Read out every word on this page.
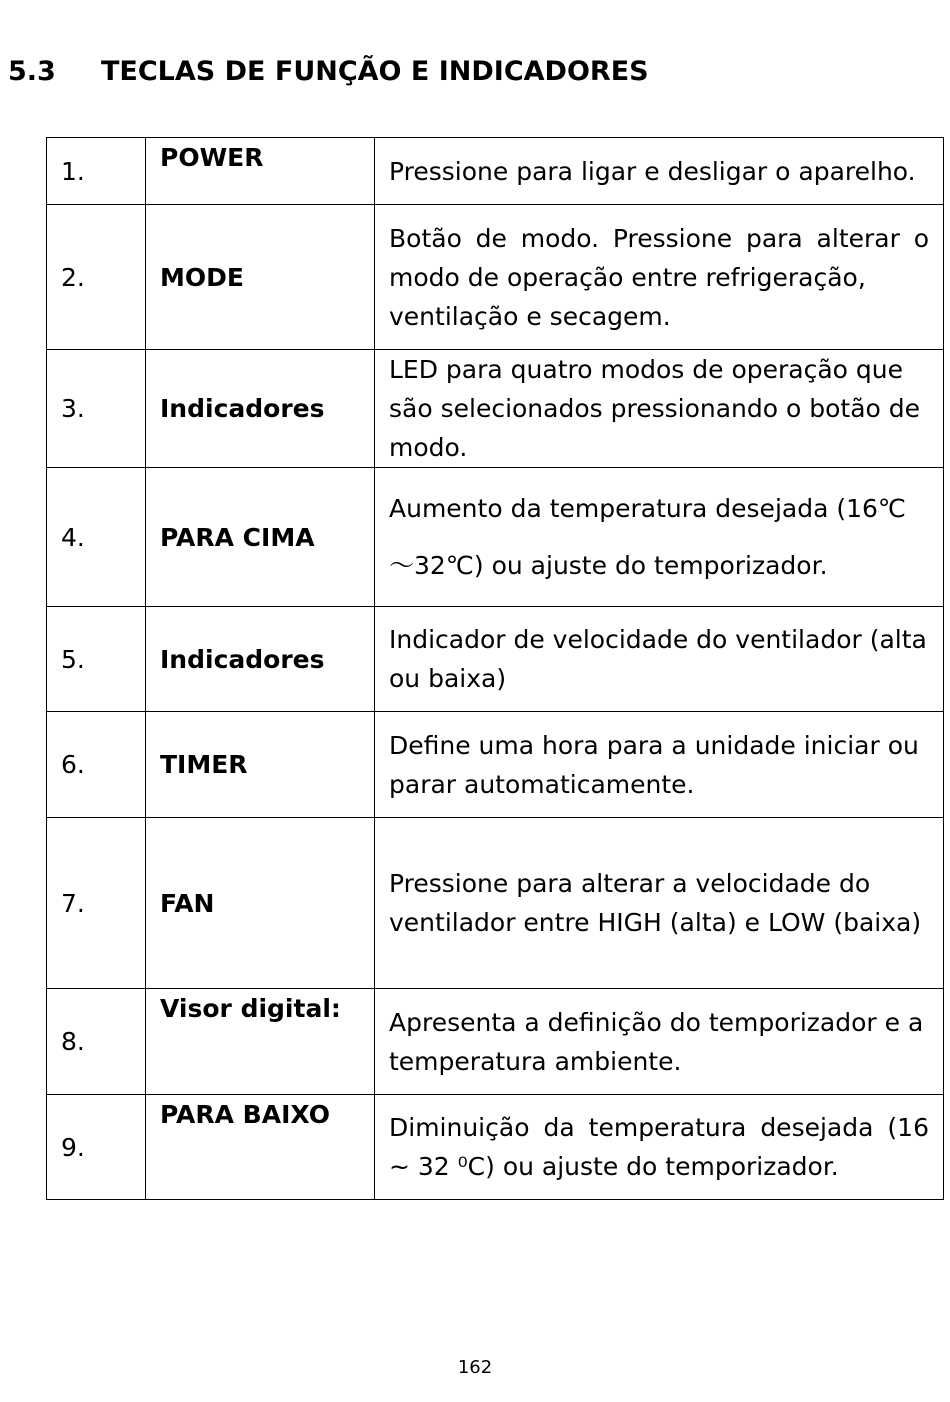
5.3 TECLAS DE FUNÇÃO E INDICADORES
1.	POWER	Pressione para ligar e desligar o aparelho.

2.	MODE	Botão de modo. Pressione para alterar o modo de operação entre refrigeração,
ventilação e secagem.

3.	Indicadores	LED para quatro modos de operação que são selecionados pressionando o botão de modo.

4.	PARA CIMA	Aumento da temperatura desejada (16℃～32℃) ou ajuste do temporizador.

5.	Indicadores	Indicador de velocidade do ventilador (alta ou baixa)

6.	TIMER	Define uma hora para a unidade iniciar ou parar automaticamente.

7.	FAN	Pressione para alterar a velocidade do ventilador entre HIGH (alta) e LOW (baixa)

8.	Visor digital:	Apresenta a definição do temporizador e a temperatura ambiente.

9.	PARA BAIXO	Diminuição da temperatura desejada (16 ~ 32 ⁰C) ou ajuste do temporizador.
162
